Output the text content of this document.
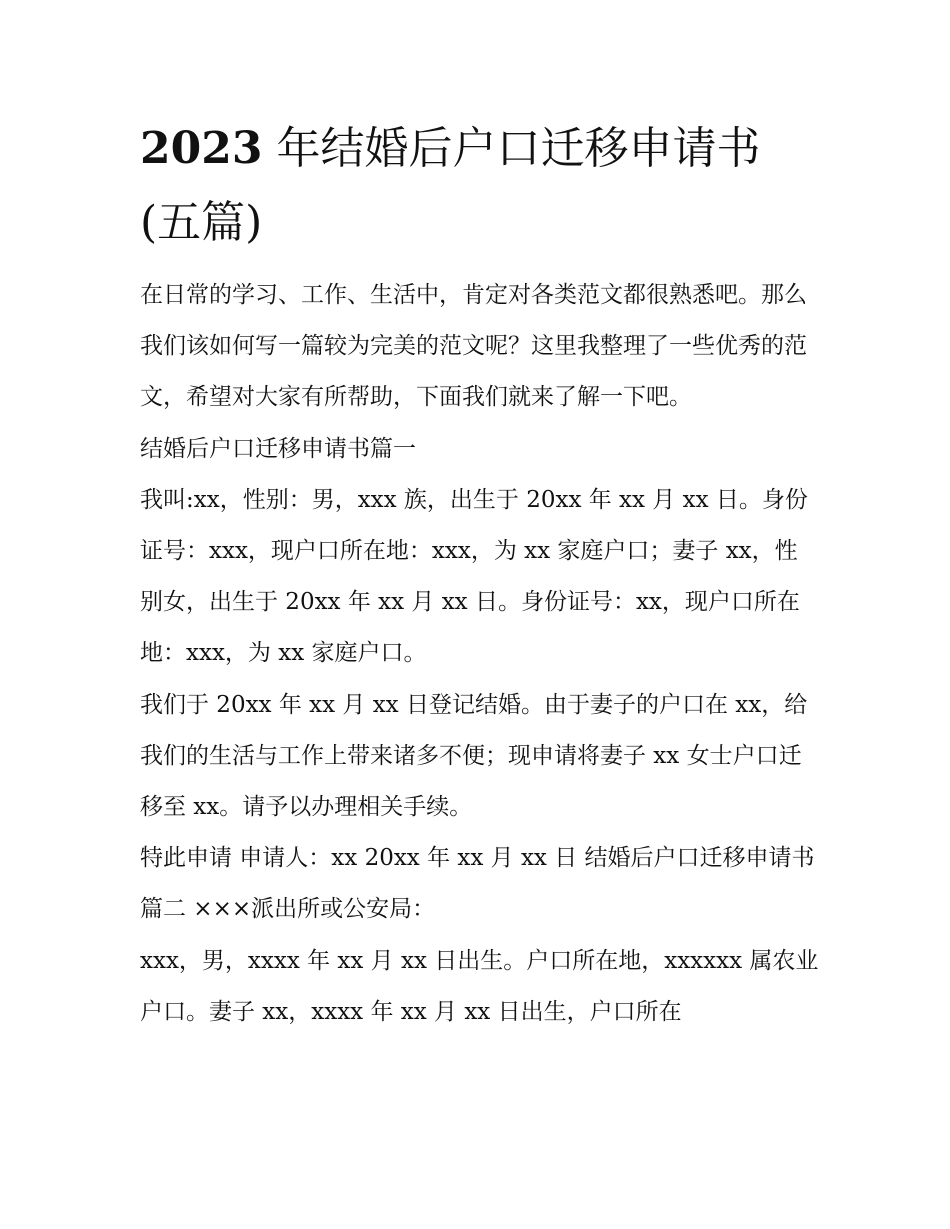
2023 年结婚后户口迁移申请书
(五篇)

在日常的学习、工作、生活中，肯定对各类范文都很熟悉吧。那么我们该如何写一篇较为完美的范文呢？这里我整理了一些优秀的范文，希望对大家有所帮助，下面我们就来了解一下吧。

结婚后户口迁移申请书篇一

我叫:xx，性别：男，xxx 族，出生于 20xx 年 xx 月 xx 日。身份证号：xxx，现户口所在地：xxx，为 xx 家庭户口；妻子 xx，性别女，出生于 20xx 年 xx 月 xx 日。身份证号：xx，现户口所在地：xxx，为 xx 家庭户口。

我们于 20xx 年 xx 月 xx 日登记结婚。由于妻子的户口在 xx，给我们的生活与工作上带来诸多不便；现申请将妻子 xx 女士户口迁移至 xx。请予以办理相关手续。

特此申请 申请人：xx 20xx 年 xx 月 xx 日 结婚后户口迁移申请书篇二 ×××派出所或公安局：

xxx，男，xxxx 年 xx 月 xx 日出生。户口所在地，xxxxxx 属农业户口。妻子 xx，xxxx 年 xx 月 xx 日出生，户口所在
